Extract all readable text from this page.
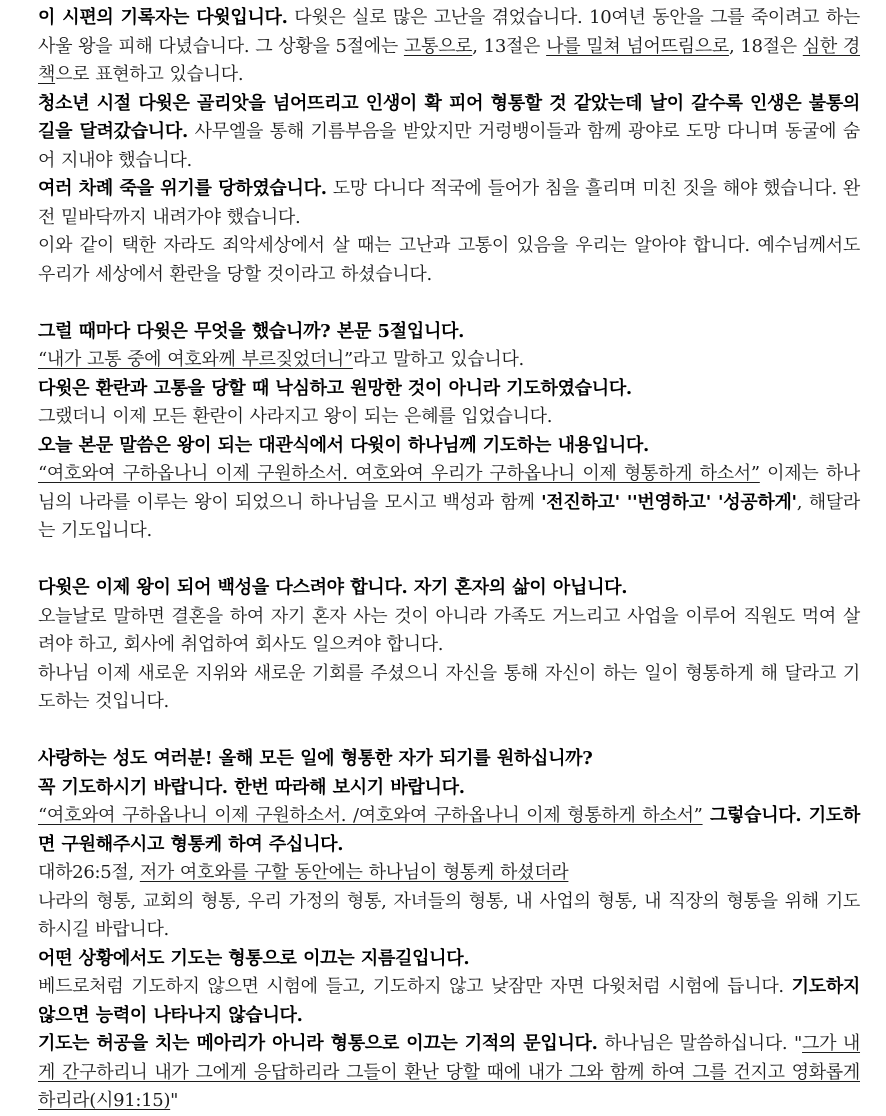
이 시편의 기록자는 다윗입니다. 다윗은 실로 많은 고난을 겪었습니다. 10여년 동안을 그를 죽이려고 하는 사울 왕을 피해 다녔습니다. 그 상황을 5절에는 고통으로, 13절은 나를 밀쳐 넘어뜨림으로, 18절은 심한 경책으로 표현하고 있습니다.

청소년 시절 다윗은 골리앗을 넘어뜨리고 인생이 확 피어 형통할 것 같았는데 날이 갈수록 인생은 불통의 길을 달려갔습니다. 사무엘을 통해 기름부음을 받았지만 거렁뱅이들과 함께 광야로 도망 다니며 동굴에 숨어 지내야 했습니다.

여러 차례 죽을 위기를 당하였습니다. 도망 다니다 적국에 들어가 침을 흘리며 미친 짓을 해야 했습니다. 완전 밑바닥까지 내려가야 했습니다.

이와 같이 택한 자라도 죄악세상에서 살 때는 고난과 고통이 있음을 우리는 알아야 합니다. 예수님께서도 우리가 세상에서 환란을 당할 것이라고 하셨습니다.

그럴 때마다 다윗은 무엇을 했습니까? 본문 5절입니다.

“내가 고통 중에 여호와께 부르짖었더니”라고 말하고 있습니다.

다윗은 환란과 고통을 당할 때 낙심하고 원망한 것이 아니라 기도하였습니다.

그랬더니 이제 모든 환란이 사라지고 왕이 되는 은혜를 입었습니다.

오늘 본문 말씀은 왕이 되는 대관식에서 다윗이 하나님께 기도하는 내용입니다.

“여호와여 구하옵나니 이제 구원하소서. 여호와여 우리가 구하옵나니 이제 형통하게 하소서” 이제는 하나님의 나라를 이루는 왕이 되었으니 하나님을 모시고 백성과 함께 '전진하고' ''번영하고' '성공하게', 해달라는 기도입니다.

다윗은 이제 왕이 되어 백성을 다스려야 합니다. 자기 혼자의 삶이 아닙니다.

오늘날로 말하면 결혼을 하여 자기 혼자 사는 것이 아니라 가족도 거느리고 사업을 이루어 직원도 먹여 살려야 하고, 회사에 취업하여 회사도 일으켜야 합니다.

하나님 이제 새로운 지위와 새로운 기회를 주셨으니 자신을 통해 자신이 하는 일이 형통하게 해 달라고 기도하는 것입니다.

사랑하는 성도 여러분! 올해 모든 일에 형통한 자가 되기를 원하십니까?

꼭 기도하시기 바랍니다. 한번 따라해 보시기 바랍니다.

“여호와여 구하옵나니 이제 구원하소서. /여호와여 구하옵나니 이제 형통하게 하소서” 그렇습니다. 기도하면 구원해주시고 형통케 하여 주십니다.

대하26:5절, 저가 여호와를 구할 동안에는 하나님이 형통케 하셨더라

나라의 형통, 교회의 형통, 우리 가정의 형통, 자녀들의 형통, 내 사업의 형통, 내 직장의 형통을 위해 기도하시길 바랍니다.

어떤 상황에서도 기도는 형통으로 이끄는 지름길입니다.

베드로처럼 기도하지 않으면 시험에 들고, 기도하지 않고 낮잠만 자면 다윗처럼 시험에 듭니다. 기도하지 않으면 능력이 나타나지 않습니다.

기도는 허공을 치는 메아리가 아니라 형통으로 이끄는 기적의 문입니다. 하나님은 말씀하십니다. "그가 내게 간구하리니 내가 그에게 응답하리라 그들이 환난 당할 때에 내가 그와 함께 하여 그를 건지고 영화롭게 하리라(시91:15)"
